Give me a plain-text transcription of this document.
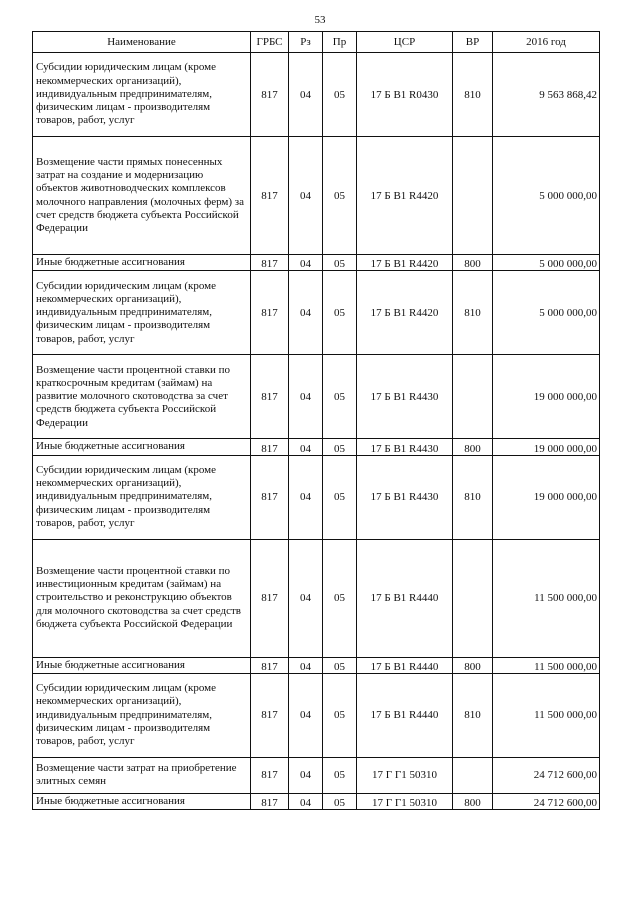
53
Наименование	ГРБС	Рз	Пр	ЦСР	ВР	2016 год
Субсидии юридическим лицам (кроме некоммерческих организаций), индивидуальным предпринимателям, физическим лицам - производителям товаров, работ, услуг	817	04	05	17 Б В1 R0430	810	9 563 868,42
Возмещение части прямых понесенных затрат на создание и модернизацию объектов животноводческих комплексов молочного направления (молочных ферм) за счет средств бюджета субъекта Российской Федерации	817	04	05	17 Б В1 R4420		5 000 000,00
Иные бюджетные ассигнования	817	04	05	17 Б В1 R4420	800	5 000 000,00
Субсидии юридическим лицам (кроме некоммерческих организаций), индивидуальным предпринимателям, физическим лицам - производителям товаров, работ, услуг	817	04	05	17 Б В1 R4420	810	5 000 000,00
Возмещение части процентной ставки по краткосрочным кредитам (займам) на развитие молочного скотоводства за счет средств бюджета субъекта Российской Федерации	817	04	05	17 Б В1 R4430		19 000 000,00
Иные бюджетные ассигнования	817	04	05	17 Б В1 R4430	800	19 000 000,00
Субсидии юридическим лицам (кроме некоммерческих организаций), индивидуальным предпринимателям, физическим лицам - производителям товаров, работ, услуг	817	04	05	17 Б В1 R4430	810	19 000 000,00
Возмещение части процентной ставки по инвестиционным кредитам (займам) на строительство и реконструкцию объектов для молочного скотоводства за счет средств бюджета субъекта Российской Федерации	817	04	05	17 Б В1 R4440		11 500 000,00
Иные бюджетные ассигнования	817	04	05	17 Б В1 R4440	800	11 500 000,00
Субсидии юридическим лицам (кроме некоммерческих организаций), индивидуальным предпринимателям, физическим лицам - производителям товаров, работ, услуг	817	04	05	17 Б В1 R4440	810	11 500 000,00
Возмещение части затрат на приобретение элитных семян	817	04	05	17 Г Г1 50310		24 712 600,00
Иные бюджетные ассигнования	817	04	05	17 Г Г1 50310	800	24 712 600,00
